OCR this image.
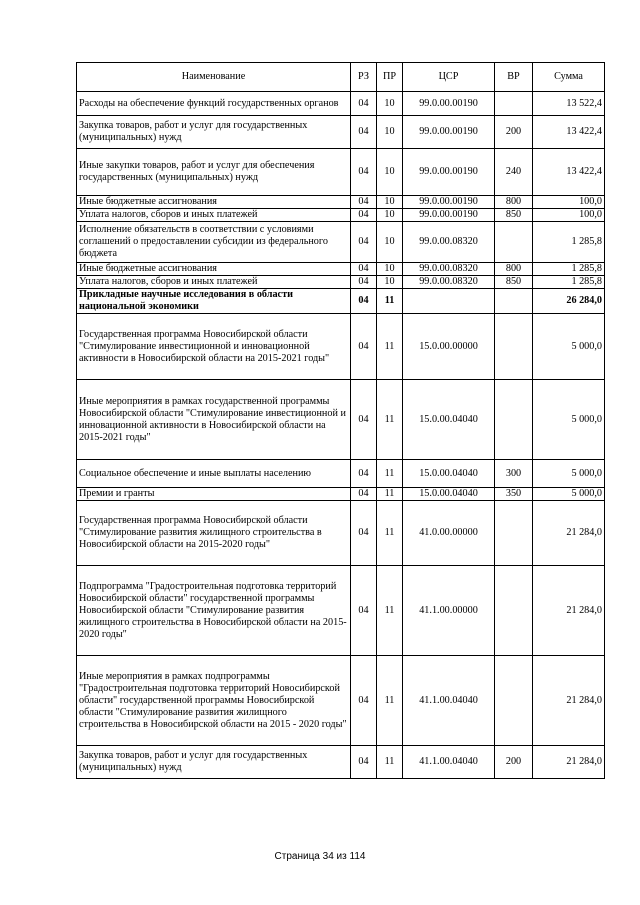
Наименование	РЗ	ПР	ЦСР	ВР	Сумма
Расходы на обеспечение функций государственных органов	04	10	99.0.00.00190		13 522,4
Закупка товаров, работ и услуг для государственных (муниципальных) нужд	04	10	99.0.00.00190	200	13 422,4
Иные закупки товаров, работ и услуг для обеспечения государственных (муниципальных) нужд	04	10	99.0.00.00190	240	13 422,4
Иные бюджетные ассигнования	04	10	99.0.00.00190	800	100,0
Уплата налогов, сборов и иных платежей	04	10	99.0.00.00190	850	100,0
Исполнение обязательств в соответствии с условиями соглашений о предоставлении субсидии из федерального бюджета	04	10	99.0.00.08320		1 285,8
Иные бюджетные ассигнования	04	10	99.0.00.08320	800	1 285,8
Уплата налогов, сборов и иных платежей	04	10	99.0.00.08320	850	1 285,8
Прикладные научные исследования в области национальной экономики	04	11			26 284,0
Государственная программа Новосибирской области "Стимулирование инвестиционной и инновационной активности в Новосибирской области на 2015-2021 годы"	04	11	15.0.00.00000		5 000,0
Иные мероприятия в рамках государственной программы Новосибирской области "Стимулирование инвестиционной и инновационной активности в Новосибирской области на 2015-2021 годы"	04	11	15.0.00.04040		5 000,0
Социальное обеспечение и иные выплаты населению	04	11	15.0.00.04040	300	5 000,0
Премии и гранты	04	11	15.0.00.04040	350	5 000,0
Государственная программа Новосибирской области "Стимулирование развития жилищного строительства в Новосибирской области на 2015-2020 годы"	04	11	41.0.00.00000		21 284,0
Подпрограмма "Градостроительная подготовка территорий Новосибирской области" государственной программы Новосибирской области "Стимулирование развития жилищного строительства в Новосибирской области на 2015-2020 годы"	04	11	41.1.00.00000		21 284,0
Иные мероприятия в рамках подпрограммы "Градостроительная подготовка территорий Новосибирской области" государственной программы Новосибирской области "Стимулирование развития жилищного строительства в Новосибирской области на 2015 - 2020 годы"	04	11	41.1.00.04040		21 284,0
Закупка товаров, работ и услуг для государственных (муниципальных) нужд	04	11	41.1.00.04040	200	21 284,0
Страница 34 из 114
